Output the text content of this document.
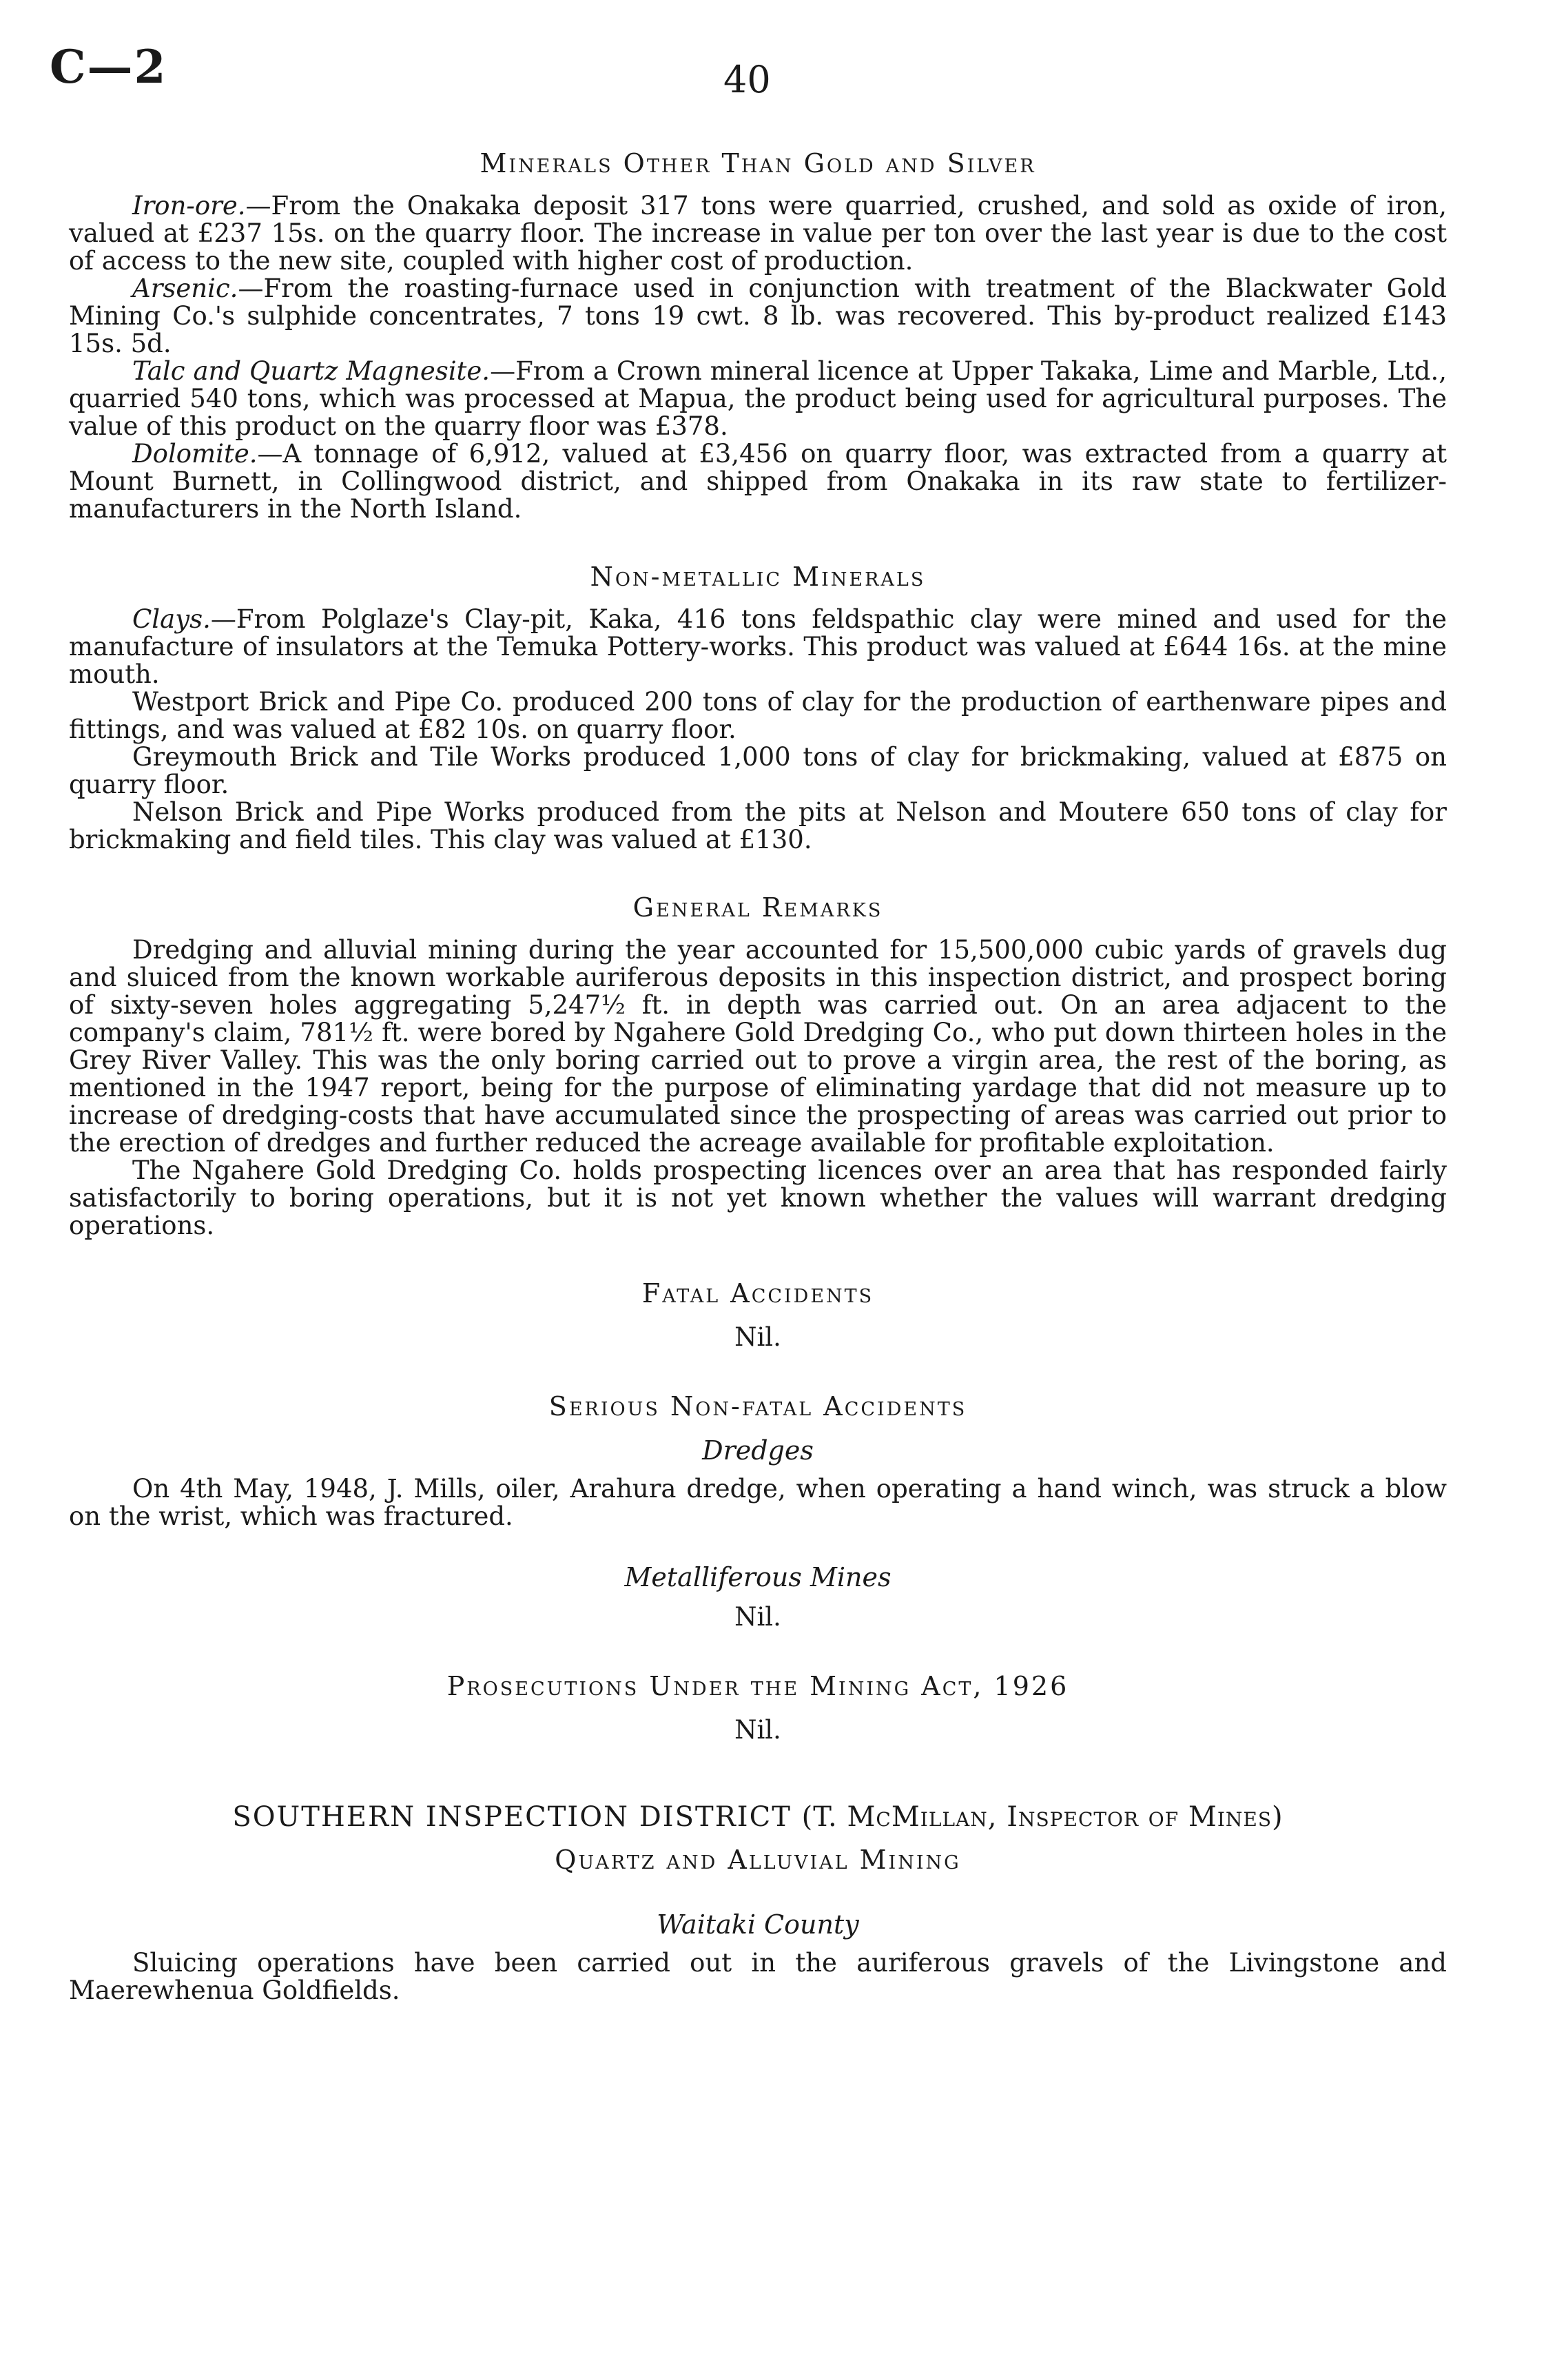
C—2	40
Minerals Other Than Gold and Silver

Iron-ore.—From the Onakaka deposit 317 tons were quarried, crushed, and sold as oxide of iron, valued at £237 15s. on the quarry floor. The increase in value per ton over the last year is due to the cost of access to the new site, coupled with higher cost of production.

Arsenic.—From the roasting-furnace used in conjunction with treatment of the Blackwater Gold Mining Co.'s sulphide concentrates, 7 tons 19 cwt. 8 lb. was recovered. This by-product realized £143 15s. 5d.

Talc and Quartz Magnesite.—From a Crown mineral licence at Upper Takaka, Lime and Marble, Ltd., quarried 540 tons, which was processed at Mapua, the product being used for agricultural purposes. The value of this product on the quarry floor was £378.

Dolomite.—A tonnage of 6,912, valued at £3,456 on quarry floor, was extracted from a quarry at Mount Burnett, in Collingwood district, and shipped from Onakaka in its raw state to fertilizer-manufacturers in the North Island.

Non-metallic Minerals

Clays.—From Polglaze's Clay-pit, Kaka, 416 tons feldspathic clay were mined and used for the manufacture of insulators at the Temuka Pottery-works. This product was valued at £644 16s. at the mine mouth.

Westport Brick and Pipe Co. produced 200 tons of clay for the production of earthenware pipes and fittings, and was valued at £82 10s. on quarry floor.

Greymouth Brick and Tile Works produced 1,000 tons of clay for brickmaking, valued at £875 on quarry floor.

Nelson Brick and Pipe Works produced from the pits at Nelson and Moutere 650 tons of clay for brickmaking and field tiles. This clay was valued at £130.

General Remarks

Dredging and alluvial mining during the year accounted for 15,500,000 cubic yards of gravels dug and sluiced from the known workable auriferous deposits in this inspection district, and prospect boring of sixty-seven holes aggregating 5,247½ ft. in depth was carried out. On an area adjacent to the company's claim, 781½ ft. were bored by Ngahere Gold Dredging Co., who put down thirteen holes in the Grey River Valley. This was the only boring carried out to prove a virgin area, the rest of the boring, as mentioned in the 1947 report, being for the purpose of eliminating yardage that did not measure up to increase of dredging-costs that have accumulated since the prospecting of areas was carried out prior to the erection of dredges and further reduced the acreage available for profitable exploitation.

The Ngahere Gold Dredging Co. holds prospecting licences over an area that has responded fairly satisfactorily to boring operations, but it is not yet known whether the values will warrant dredging operations.

Fatal Accidents
Nil.
Serious Non-fatal Accidents
Dredges

On 4th May, 1948, J. Mills, oiler, Arahura dredge, when operating a hand winch, was struck a blow on the wrist, which was fractured.

Metalliferous Mines
Nil.
Prosecutions Under the Mining Act, 1926
Nil.
SOUTHERN INSPECTION DISTRICT (T. McMillan, Inspector of Mines)
Quartz and Alluvial Mining
Waitaki County

Sluicing operations have been carried out in the auriferous gravels of the Livingstone and Maerewhenua Goldfields.
